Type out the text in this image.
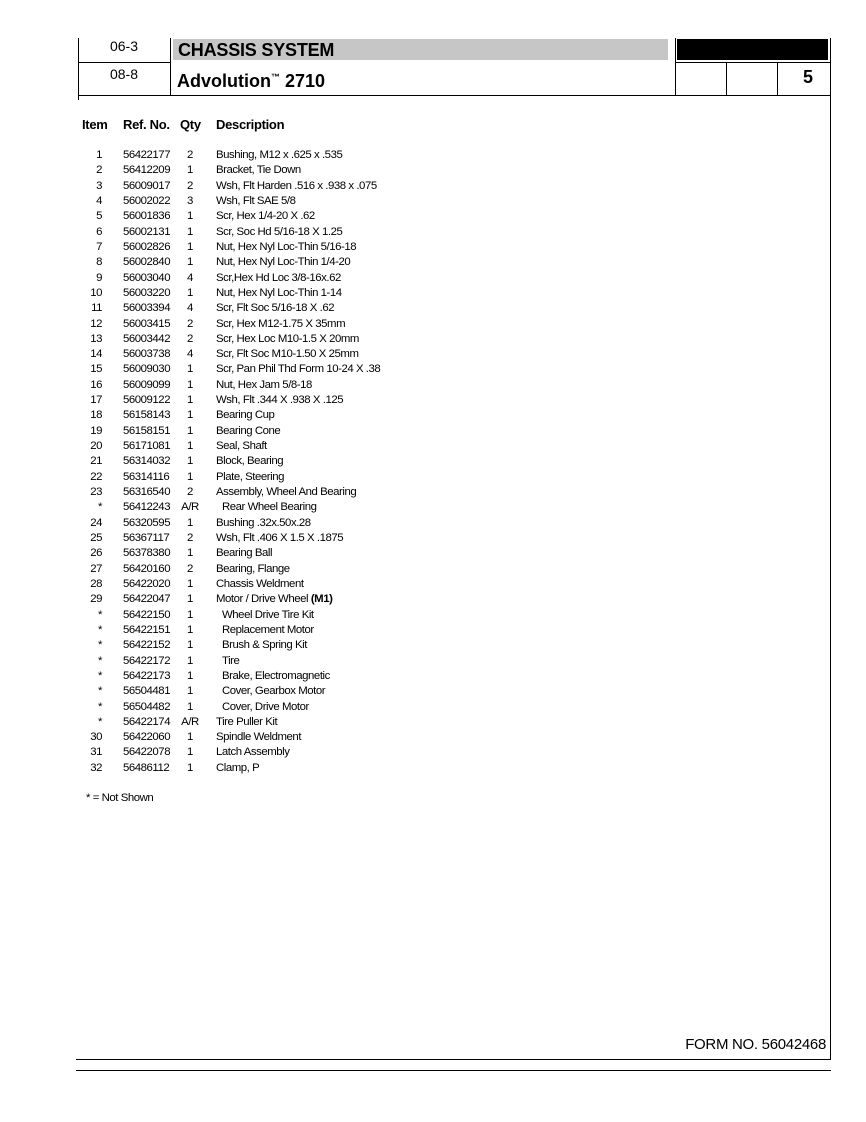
06-3
08-8
CHASSIS SYSTEM
Advolution™ 2710	5
Item Ref. No. Qty Description
1 56422177	2	Bushing, M12 x .625 x .535
2 56412209	1	Bracket, Tie Down
3 56009017	2	Wsh, Flt Harden .516 x .938 x .075
4 56002022	3	Wsh, Flt SAE 5/8
5 56001836	1	Scr, Hex 1/4-20 X .62
6 56002131	1	Scr, Soc Hd 5/16-18 X 1.25
7 56002826	1	Nut, Hex Nyl Loc-Thin 5/16-18
8 56002840	1	Nut, Hex Nyl Loc-Thin 1/4-20
9 56003040	4	Scr,Hex Hd Loc 3/8-16x.62
10 56003220	1	Nut, Hex Nyl Loc-Thin 1-14
11 56003394	4	Scr, Flt Soc 5/16-18 X .62
12 56003415	2	Scr, Hex M12-1.75 X 35mm
13 56003442	2	Scr, Hex Loc M10-1.5 X 20mm
14 56003738	4	Scr, Flt Soc M10-1.50 X 25mm
15 56009030	1	Scr, Pan Phil Thd Form 10-24 X .38
16 56009099	1	Nut, Hex Jam 5/8-18
17 56009122	1	Wsh, Flt .344 X .938 X .125
18 56158143	1	Bearing Cup
19 56158151	1	Bearing Cone
20 56171081	1	Seal, Shaft
21 56314032	1	Block, Bearing
22 56314116	1	Plate, Steering
23 56316540	2	Assembly, Wheel And Bearing
* 56412243 A/R Rear Wheel Bearing
24 56320595	1	Bushing .32x.50x.28
25 56367117	2	Wsh, Flt .406 X 1.5 X .1875
26 56378380	1	Bearing Ball
27 56420160	2	Bearing, Flange
28 56422020	1	Chassis Weldment
29 56422047	1	Motor / Drive Wheel (M1)
* 56422150	1	Wheel Drive Tire Kit
* 56422151	1	Replacement Motor
* 56422152	1	Brush & Spring Kit
* 56422172	1	Tire
* 56422173	1	Brake, Electromagnetic
* 56504481	1	Cover, Gearbox Motor
* 56504482	1	Cover, Drive Motor
* 56422174 A/R Tire Puller Kit
30 56422060	1	Spindle Weldment
31 56422078	1	Latch Assembly
32 56486112	1	Clamp, P
* = Not Shown
FORM NO. 56042468
